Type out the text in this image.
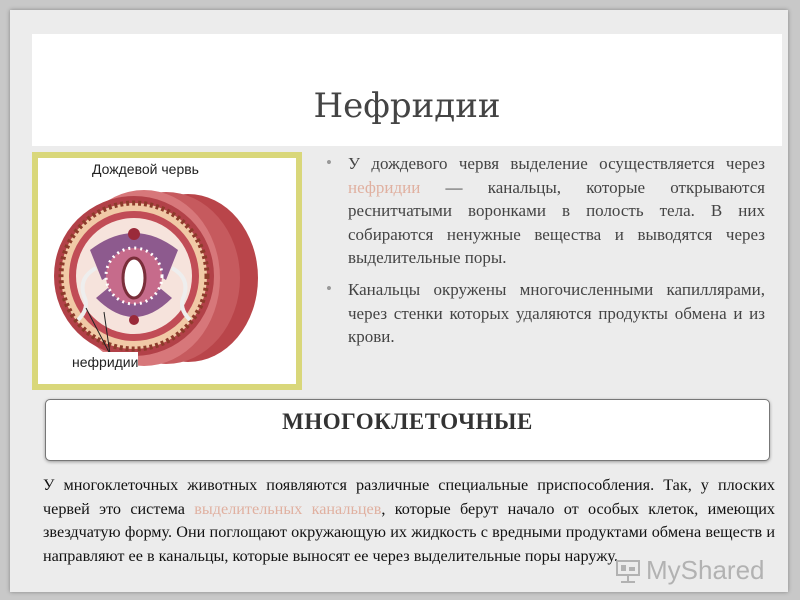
Нефридии
Дождевой червь
нефридии

• У дождевого червя выделение осуществляется через нефридии — канальцы, которые открываются реснитчатыми воронками в полость тела. В них собираются ненужные вещества и выводятся через выделительные поры.

• Канальцы окружены многочисленными капиллярами, через стенки которых удаляются продукты обмена и из крови.

МНОГОКЛЕТОЧНЫЕ
У многоклеточных животных появляются различные специальные приспособления. Так, у плоских червей это система выделительных канальцев, которые берут начало от особых клеток, имеющих звездчатую форму. Они поглощают окружающую их жидкость с вредными продуктами обмена веществ и направляют ее в канальцы, которые выносят ее через выделительные поры наружу.	MyShared
